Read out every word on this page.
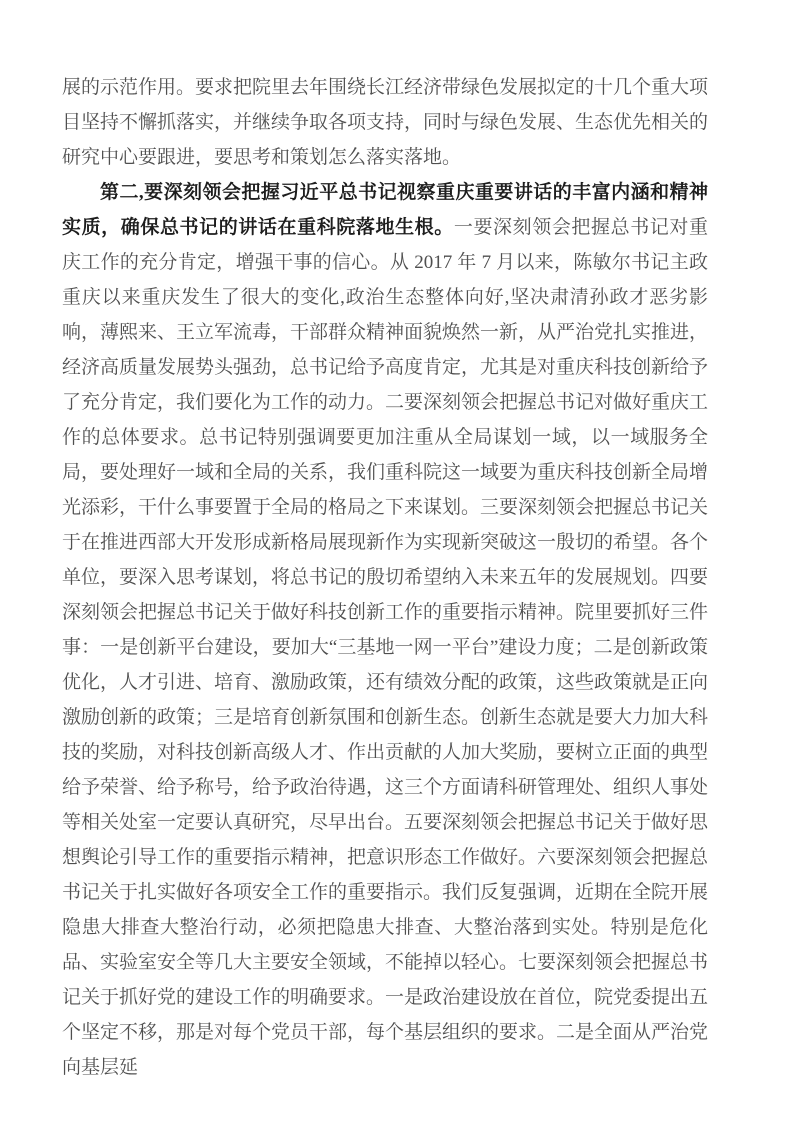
展的示范作用。要求把院里去年围绕长江经济带绿色发展拟定的十几个重大项目坚持不懈抓落实，并继续争取各项支持，同时与绿色发展、生态优先相关的研究中心要跟进，要思考和策划怎么落实落地。

第二,要深刻领会把握习近平总书记视察重庆重要讲话的丰富内涵和精神实质，确保总书记的讲话在重科院落地生根。一要深刻领会把握总书记对重庆工作的充分肯定，增强干事的信心。从 2017 年 7 月以来，陈敏尔书记主政重庆以来重庆发生了很大的变化,政治生态整体向好,坚决肃清孙政才恶劣影响，薄熙来、王立军流毒，干部群众精神面貌焕然一新，从严治党扎实推进，经济高质量发展势头强劲，总书记给予高度肯定，尤其是对重庆科技创新给予了充分肯定，我们要化为工作的动力。二要深刻领会把握总书记对做好重庆工作的总体要求。总书记特别强调要更加注重从全局谋划一域，以一域服务全局，要处理好一域和全局的关系，我们重科院这一域要为重庆科技创新全局增光添彩，干什么事要置于全局的格局之下来谋划。三要深刻领会把握总书记关于在推进西部大开发形成新格局展现新作为实现新突破这一殷切的希望。各个单位，要深入思考谋划，将总书记的殷切希望纳入未来五年的发展规划。四要深刻领会把握总书记关于做好科技创新工作的重要指示精神。院里要抓好三件事：一是创新平台建设，要加大“三基地一网一平台”建设力度；二是创新政策优化，人才引进、培育、激励政策，还有绩效分配的政策，这些政策就是正向激励创新的政策；三是培育创新氛围和创新生态。创新生态就是要大力加大科技的奖励，对科技创新高级人才、作出贡献的人加大奖励，要树立正面的典型给予荣誉、给予称号，给予政治待遇，这三个方面请科研管理处、组织人事处等相关处室一定要认真研究，尽早出台。五要深刻领会把握总书记关于做好思想舆论引导工作的重要指示精神，把意识形态工作做好。六要深刻领会把握总书记关于扎实做好各项安全工作的重要指示。我们反复强调，近期在全院开展隐患大排查大整治行动，必须把隐患大排查、大整治落到实处。特别是危化品、实验室安全等几大主要安全领域，不能掉以轻心。七要深刻领会把握总书记关于抓好党的建设工作的明确要求。一是政治建设放在首位，院党委提出五个坚定不移，那是对每个党员干部，每个基层组织的要求。二是全面从严治党向基层延
